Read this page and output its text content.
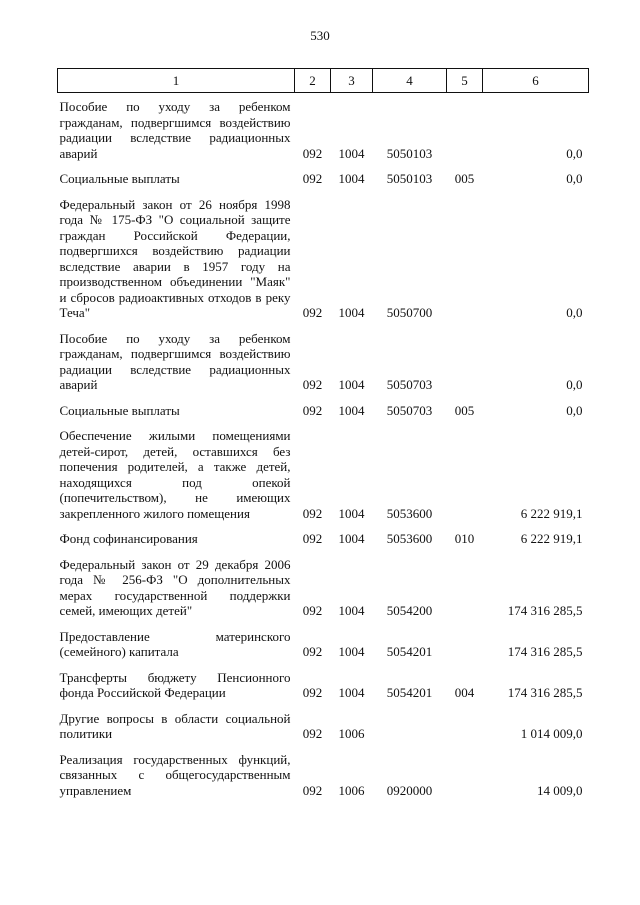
530
1	2	3	4	5	6
Пособие по уходу за ребенком гражданам, подвергшимся воздействию радиации вследствие радиационных аварий	092	1004	5050103		0,0
Социальные выплаты	092	1004	5050103	005	0,0
Федеральный закон от 26 ноября 1998 года № 175-ФЗ "О социальной защите граждан Российской Федерации, подвергшихся воздействию радиации вследствие аварии в 1957 году на производственном объединении "Маяк" и сбросов радиоактивных отходов в реку Теча"	092	1004	5050700		0,0
Пособие по уходу за ребенком гражданам, подвергшимся воздействию радиации вследствие радиационных аварий	092	1004	5050703		0,0
Социальные выплаты	092	1004	5050703	005	0,0
Обеспечение жилыми помещениями детей-сирот, детей, оставшихся без попечения родителей, а также детей, находящихся под опекой (попечительством), не имеющих закрепленного жилого помещения	092	1004	5053600		6 222 919,1
Фонд софинансирования	092	1004	5053600	010	6 222 919,1
Федеральный закон от 29 декабря 2006 года № 256-ФЗ "О дополнительных мерах государственной поддержки семей, имеющих детей"	092	1004	5054200		174 316 285,5
Предоставление материнского (семейного) капитала	092	1004	5054201		174 316 285,5
Трансферты бюджету Пенсионного фонда Российской Федерации	092	1004	5054201	004	174 316 285,5
Другие вопросы в области социальной политики	092	1006			1 014 009,0
Реализация государственных функций, связанных с общегосударственным управлением	092	1006	0920000		14 009,0
